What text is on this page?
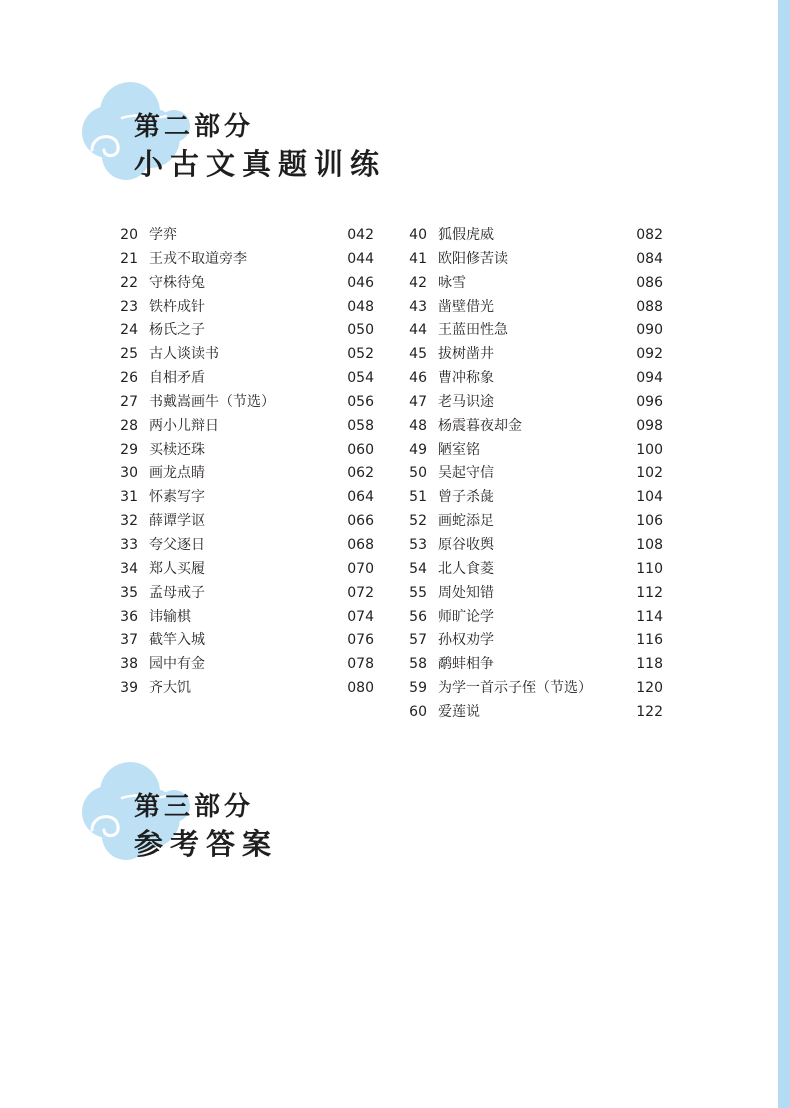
第二部分
小古文真题训练
第三部分
参考答案
20 学弈	042
21 王戎不取道旁李	044
22 守株待兔	046
23 铁杵成针	048
24 杨氏之子	050
25 古人谈读书	052
26 自相矛盾	054
27 书戴嵩画牛（节选）	056
28 两小儿辩日	058
29 买椟还珠	060
30 画龙点睛	062
31 怀素写字	064
32 薛谭学讴	066
33 夸父逐日	068
34 郑人买履	070
35 孟母戒子	072
36 讳输棋	074
37 截竿入城	076
38 园中有金	078
39 齐大饥	080
40 狐假虎威	082
41 欧阳修苦读	084
42 咏雪	086
43 凿壁借光	088
44 王蓝田性急	090
45 拔树凿井	092
46 曹冲称象	094
47 老马识途	096
48 杨震暮夜却金	098
49 陋室铭	100
50 吴起守信	102
51 曾子杀彘	104
52 画蛇添足	106
53 原谷收舆	108
54 北人食菱	110
55 周处知错	112
56 师旷论学	114
57 孙权劝学	116
58 鹬蚌相争	118
59 为学一首示子侄（节选）	120
60 爱莲说	122
